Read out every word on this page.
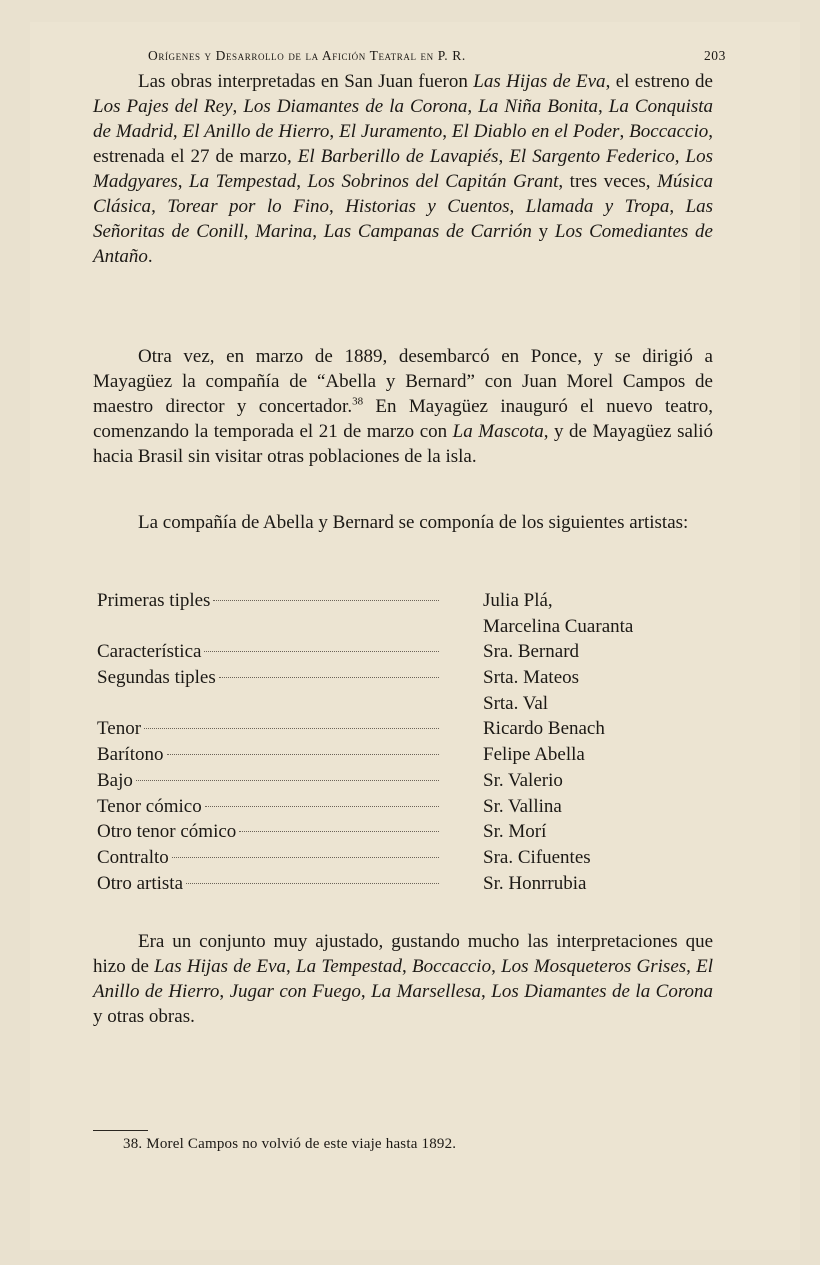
Orígenes y Desarrollo de la Afición Teatral en P. R.	203

Las obras interpretadas en San Juan fueron Las Hijas de Eva, el estreno de Los Pajes del Rey, Los Diamantes de la Corona, La Niña Bonita, La Conquista de Madrid, El Anillo de Hierro, El Juramento, El Diablo en el Poder, Boccaccio, estrenada el 27 de marzo, El Barberillo de Lavapiés, El Sargento Federico, Los Madgyares, La Tempestad, Los Sobrinos del Capitán Grant, tres veces, Música Clásica, Torear por lo Fino, Historias y Cuentos, Llamada y Tropa, Las Señoritas de Conill, Marina, Las Campanas de Carrión y Los Comediantes de Antaño.

Otra vez, en marzo de 1889, desembarcó en Ponce, y se dirigió a Mayagüez la compañía de “Abella y Bernard” con Juan Morel Campos de maestro director y concertador.$^{38}$ En Mayagüez inauguró el nuevo teatro, comenzando la temporada el 21 de marzo con La Mascota, y de Mayagüez salió hacia Brasil sin visitar otras poblaciones de la isla.

La compañía de Abella y Bernard se componía de los siguientes artistas:

Primeras tiples	Julia Plá,
Marcelina Cuaranta
Característica	Sra. Bernard
Segundas tiples	Srta. Mateos
Srta. Val
Tenor	Ricardo Benach
Barítono	Felipe Abella
Bajo	Sr. Valerio
Tenor cómico	Sr. Vallina
Otro tenor cómico	Sr. Morí
Contralto	Sra. Cifuentes
Otro artista	Sr. Honrrubia

Era un conjunto muy ajustado, gustando mucho las interpretaciones que hizo de Las Hijas de Eva, La Tempestad, Boccaccio, Los Mosqueteros Grises, El Anillo de Hierro, Jugar con Fuego, La Marsellesa, Los Diamantes de la Corona y otras obras.

38. Morel Campos no volvió de este viaje hasta 1892.
